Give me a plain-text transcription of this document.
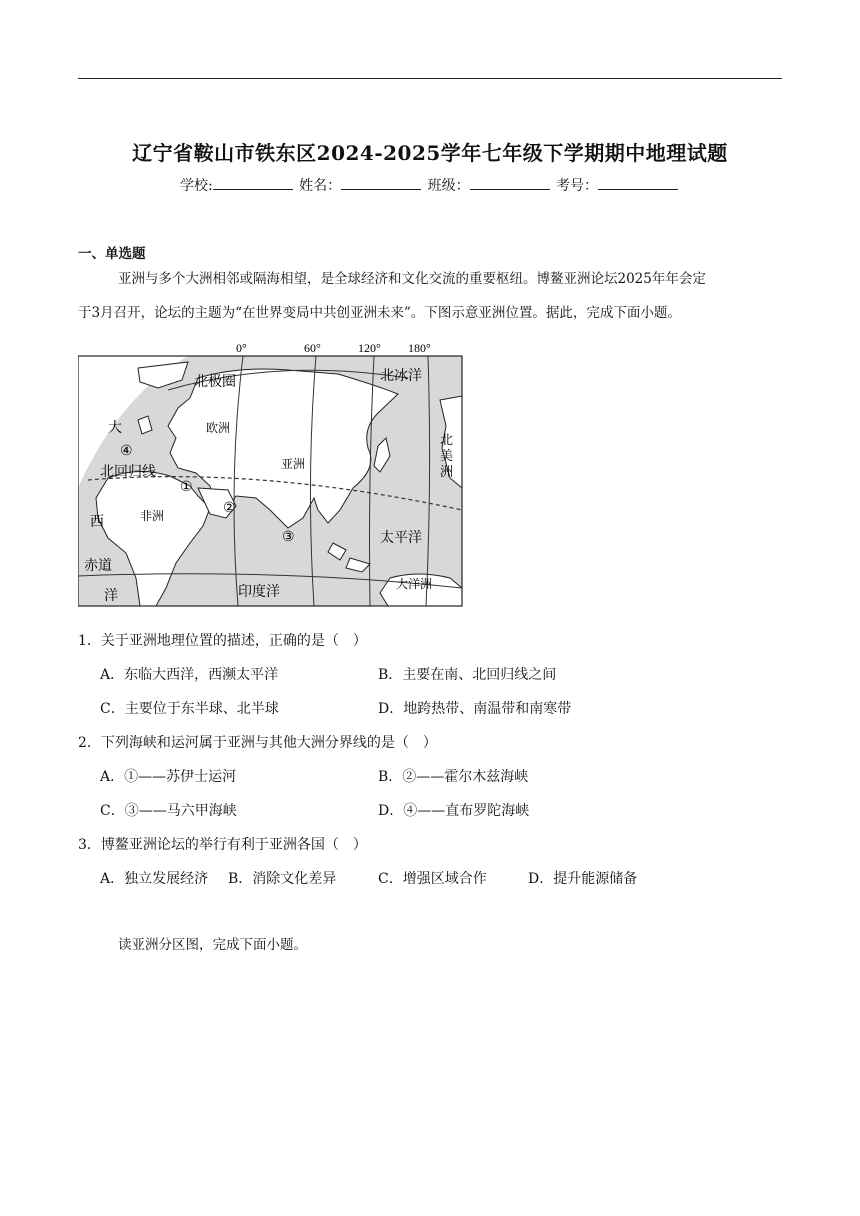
辽宁省鞍山市铁东区2024-2025学年七年级下学期期中地理试题
学校:	姓名：	班级：	考号：
一、单选题
亚洲与多个大洲相邻或隔海相望，是全球经济和文化交流的重要枢纽。博鳌亚洲论坛2025年年会定
于3月召开，论坛的主题为“在世界变局中共创亚洲未来”。下图示意亚洲位置。据此，完成下面小题。
0°	60°	120° 180°
北极圈	北冰洋
欧洲
大
西
洋
亚洲
北
美
洲
北回归线
非洲
太平洋
赤道
印度洋	大洋洲
①
②
③
④
1．关于亚洲地理位置的描述，正确的是（　）
A．东临大西洋，西濒太平洋	B．主要在南、北回归线之间
C．主要位于东半球、北半球	D．地跨热带、南温带和南寒带
2．下列海峡和运河属于亚洲与其他大洲分界线的是（　）
A．①——苏伊士运河	B．②——霍尔木兹海峡
C．③——马六甲海峡	D．④——直布罗陀海峡
3．博鳌亚洲论坛的举行有利于亚洲各国（　）
A．独立发展经济 B．消除文化差异	C．增强区域合作	D．提升能源储备
读亚洲分区图，完成下面小题。
